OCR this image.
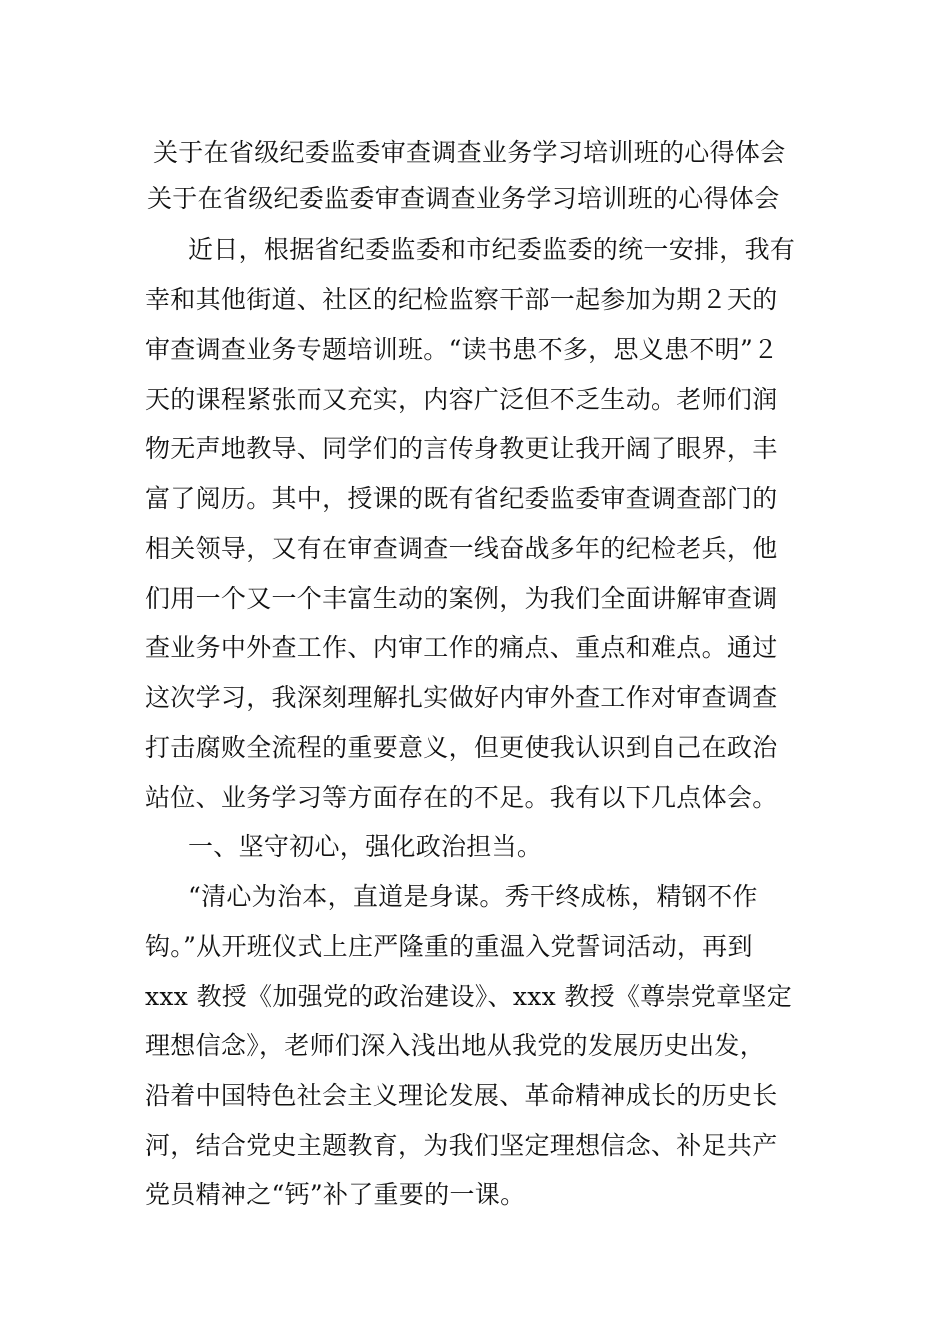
关于在省级纪委监委审查调查业务学习培训班的心得体会
关于在省级纪委监委审查调查业务学习培训班的心得体会
近日，根据省纪委监委和市纪委监委的统一安排，我有
幸和其他街道、社区的纪检监察干部一起参加为期２天的
审查调查业务专题培训班。“读书患不多，思义患不明”２
天的课程紧张而又充实，内容广泛但不乏生动。老师们润
物无声地教导、同学们的言传身教更让我开阔了眼界，丰
富了阅历。其中，授课的既有省纪委监委审查调查部门的
相关领导，又有在审查调查一线奋战多年的纪检老兵，他
们用一个又一个丰富生动的案例，为我们全面讲解审查调
查业务中外查工作、内审工作的痛点、重点和难点。通过
这次学习，我深刻理解扎实做好内审外查工作对审查调查
打击腐败全流程的重要意义，但更使我认识到自己在政治
站位、业务学习等方面存在的不足。我有以下几点体会。
一、坚守初心，强化政治担当。
“清心为治本，直道是身谋。秀干终成栋，精钢不作
钩。”从开班仪式上庄严隆重的重温入党誓词活动，再到
xxx 教授《加强党的政治建设》、xxx 教授《尊崇党章坚定
理想信念》，老师们深入浅出地从我党的发展历史出发，
沿着中国特色社会主义理论发展、革命精神成长的历史长
河，结合党史主题教育，为我们坚定理想信念、补足共产
党员精神之“钙”补了重要的一课。
